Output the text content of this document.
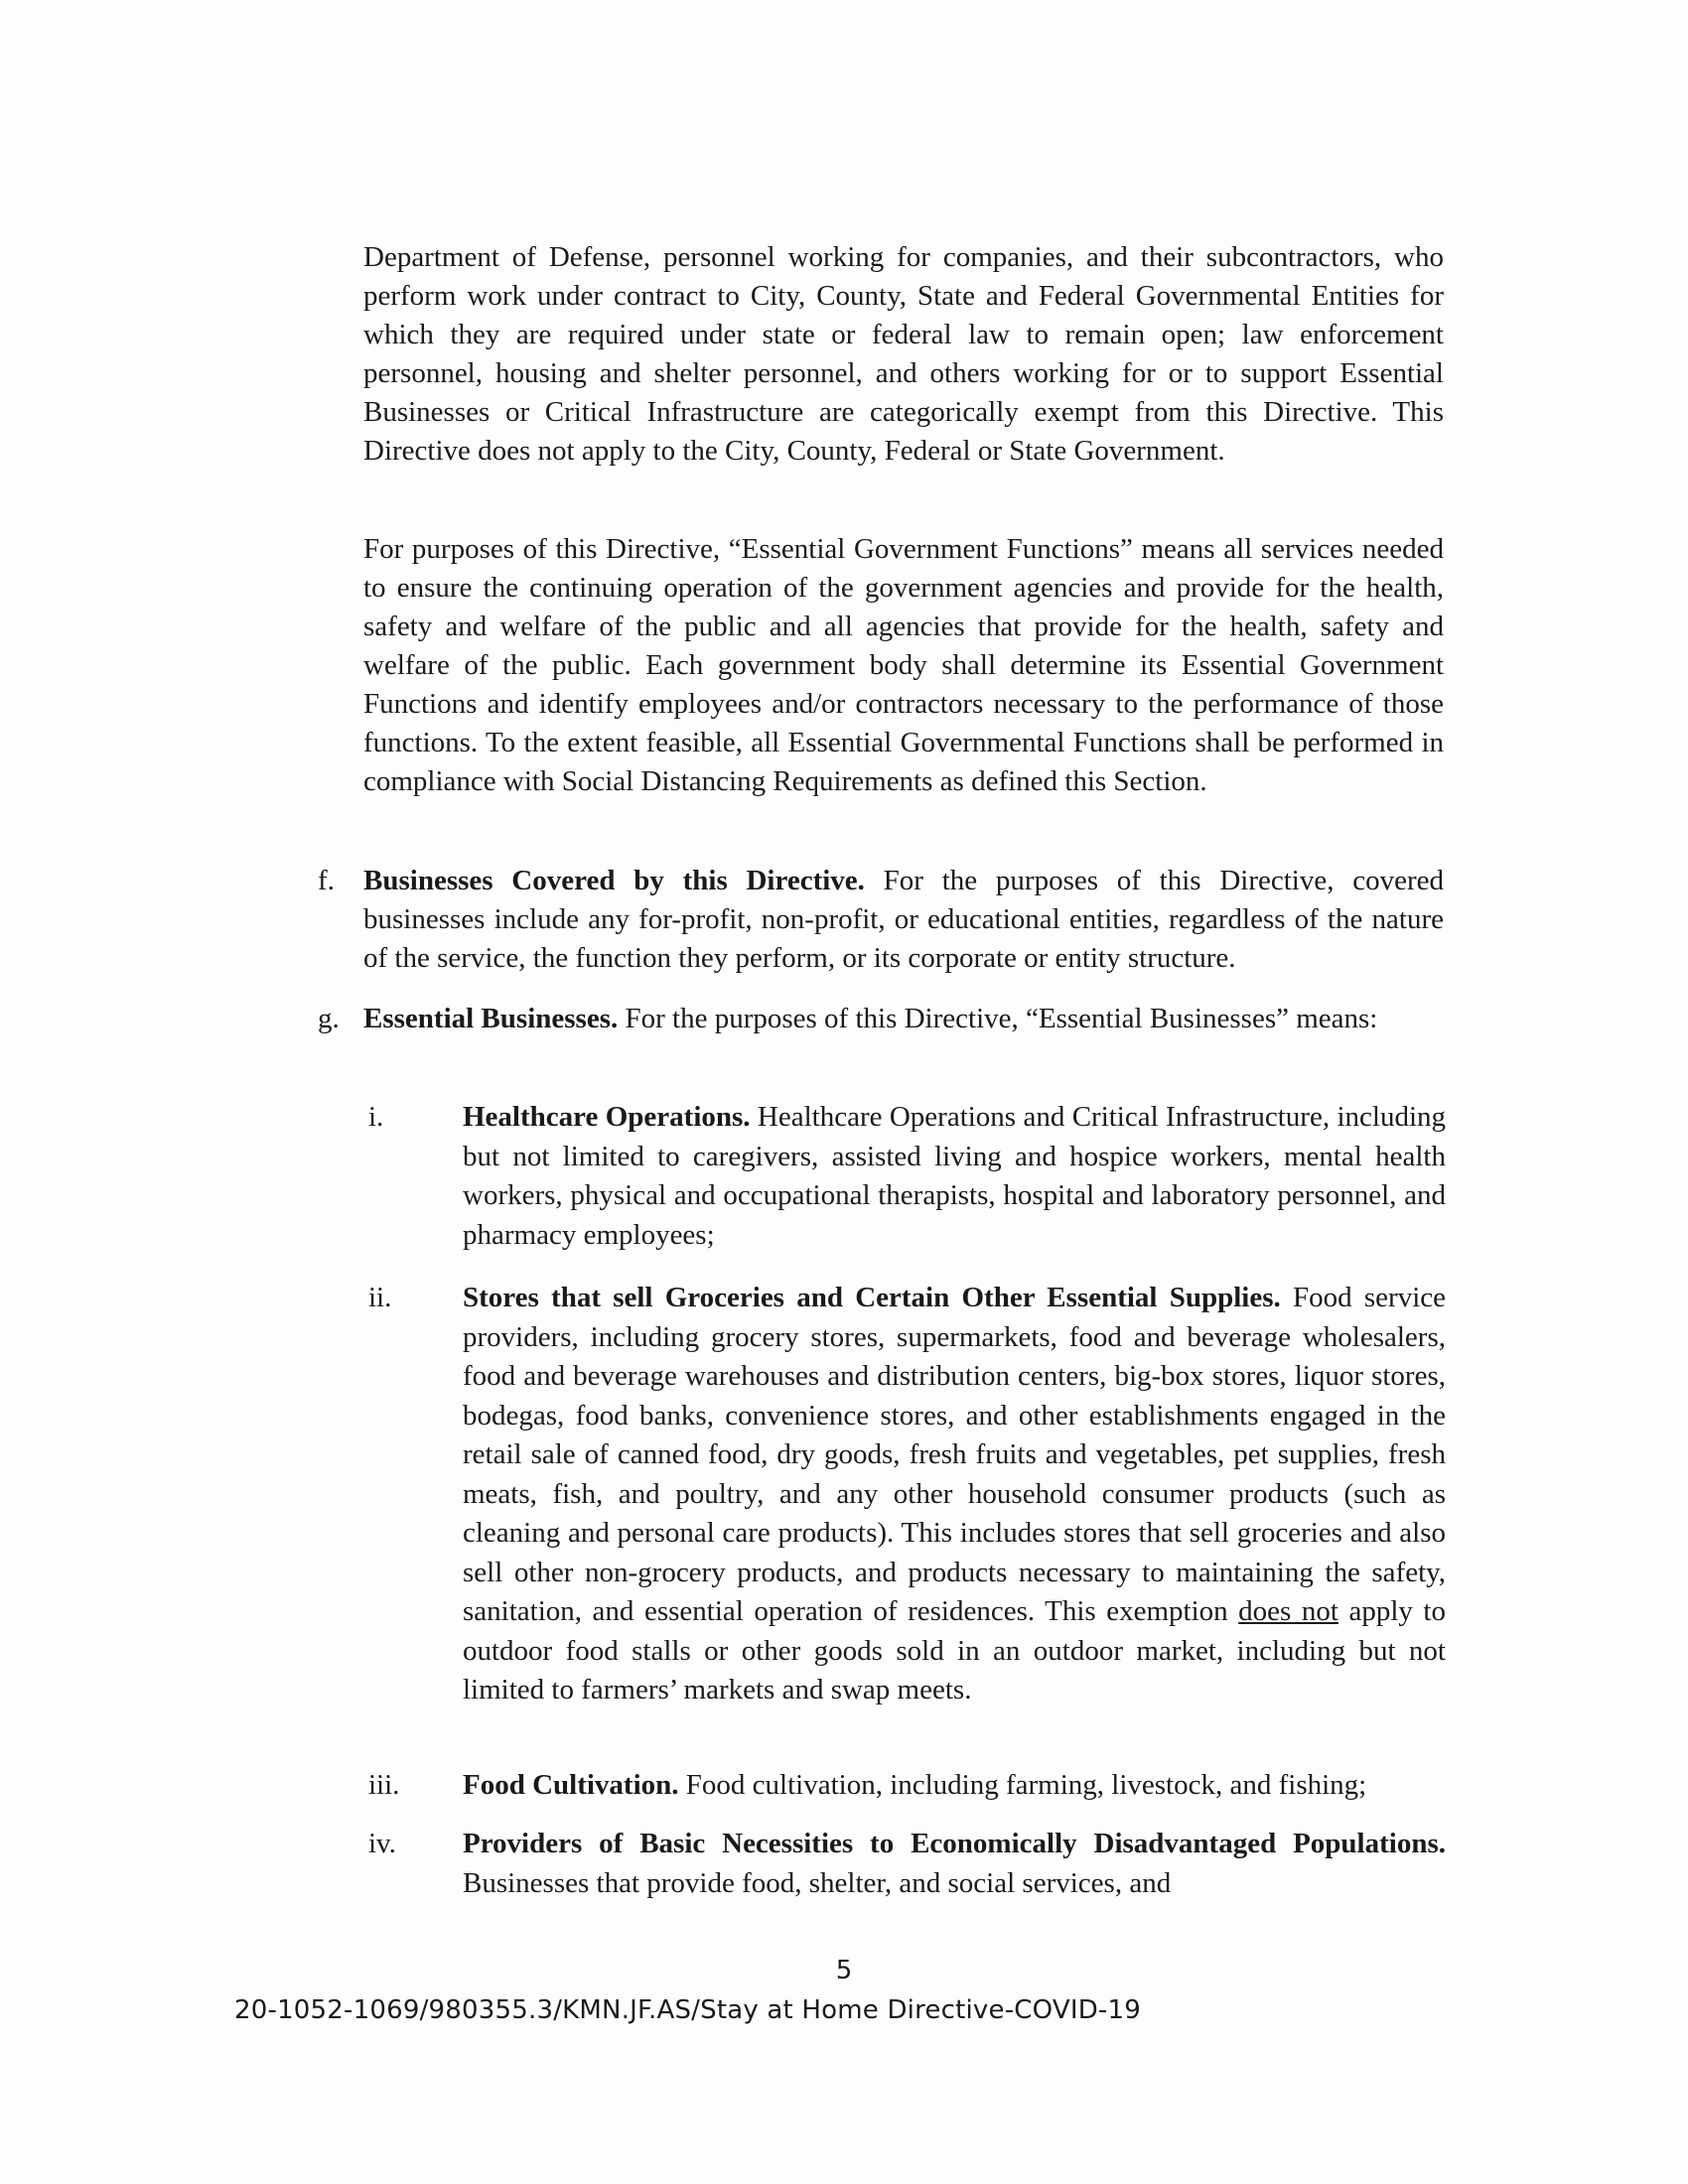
Department of Defense, personnel working for companies, and their subcontractors, who perform work under contract to City, County, State and Federal Governmental Entities for which they are required under state or federal law to remain open; law enforcement personnel, housing and shelter personnel, and others working for or to support Essential Businesses or Critical Infrastructure are categorically exempt from this Directive. This Directive does not apply to the City, County, Federal or State Government.

For purposes of this Directive, “Essential Government Functions” means all services needed to ensure the continuing operation of the government agencies and provide for the health, safety and welfare of the public and all agencies that provide for the health, safety and welfare of the public. Each government body shall determine its Essential Government Functions and identify employees and/or contractors necessary to the performance of those functions. To the extent feasible, all Essential Governmental Functions shall be performed in compliance with Social Distancing Requirements as defined this Section.

f. Businesses Covered by this Directive. For the purposes of this Directive, covered businesses include any for-profit, non-profit, or educational entities, regardless of the nature of the service, the function they perform, or its corporate or entity structure.

g. Essential Businesses. For the purposes of this Directive, “Essential Businesses” means:

i.	Healthcare Operations. Healthcare Operations and Critical Infrastructure, including but not limited to caregivers, assisted living and hospice workers, mental health workers, physical and occupational therapists, hospital and laboratory personnel, and pharmacy employees;

ii. Stores that sell Groceries and Certain Other Essential Supplies. Food service providers, including grocery stores, supermarkets, food and beverage wholesalers, food and beverage warehouses and distribution centers, big-box stores, liquor stores, bodegas, food banks, convenience stores, and other establishments engaged in the retail sale of canned food, dry goods, fresh fruits and vegetables, pet supplies, fresh meats, fish, and poultry, and any other household consumer products (such as cleaning and personal care products). This includes stores that sell groceries and also sell other non-grocery products, and products necessary to maintaining the safety, sanitation, and essential operation of residences. This exemption does not apply to outdoor food stalls or other goods sold in an outdoor market, including but not limited to farmers’ markets and swap meets.

iii. Food Cultivation. Food cultivation, including farming, livestock, and fishing;

iv. Providers of Basic Necessities to Economically Disadvantaged Populations. Businesses that provide food, shelter, and social services, and

5
20-1052-1069/980355.3/KMN.JF.AS/Stay at Home Directive-COVID-19
